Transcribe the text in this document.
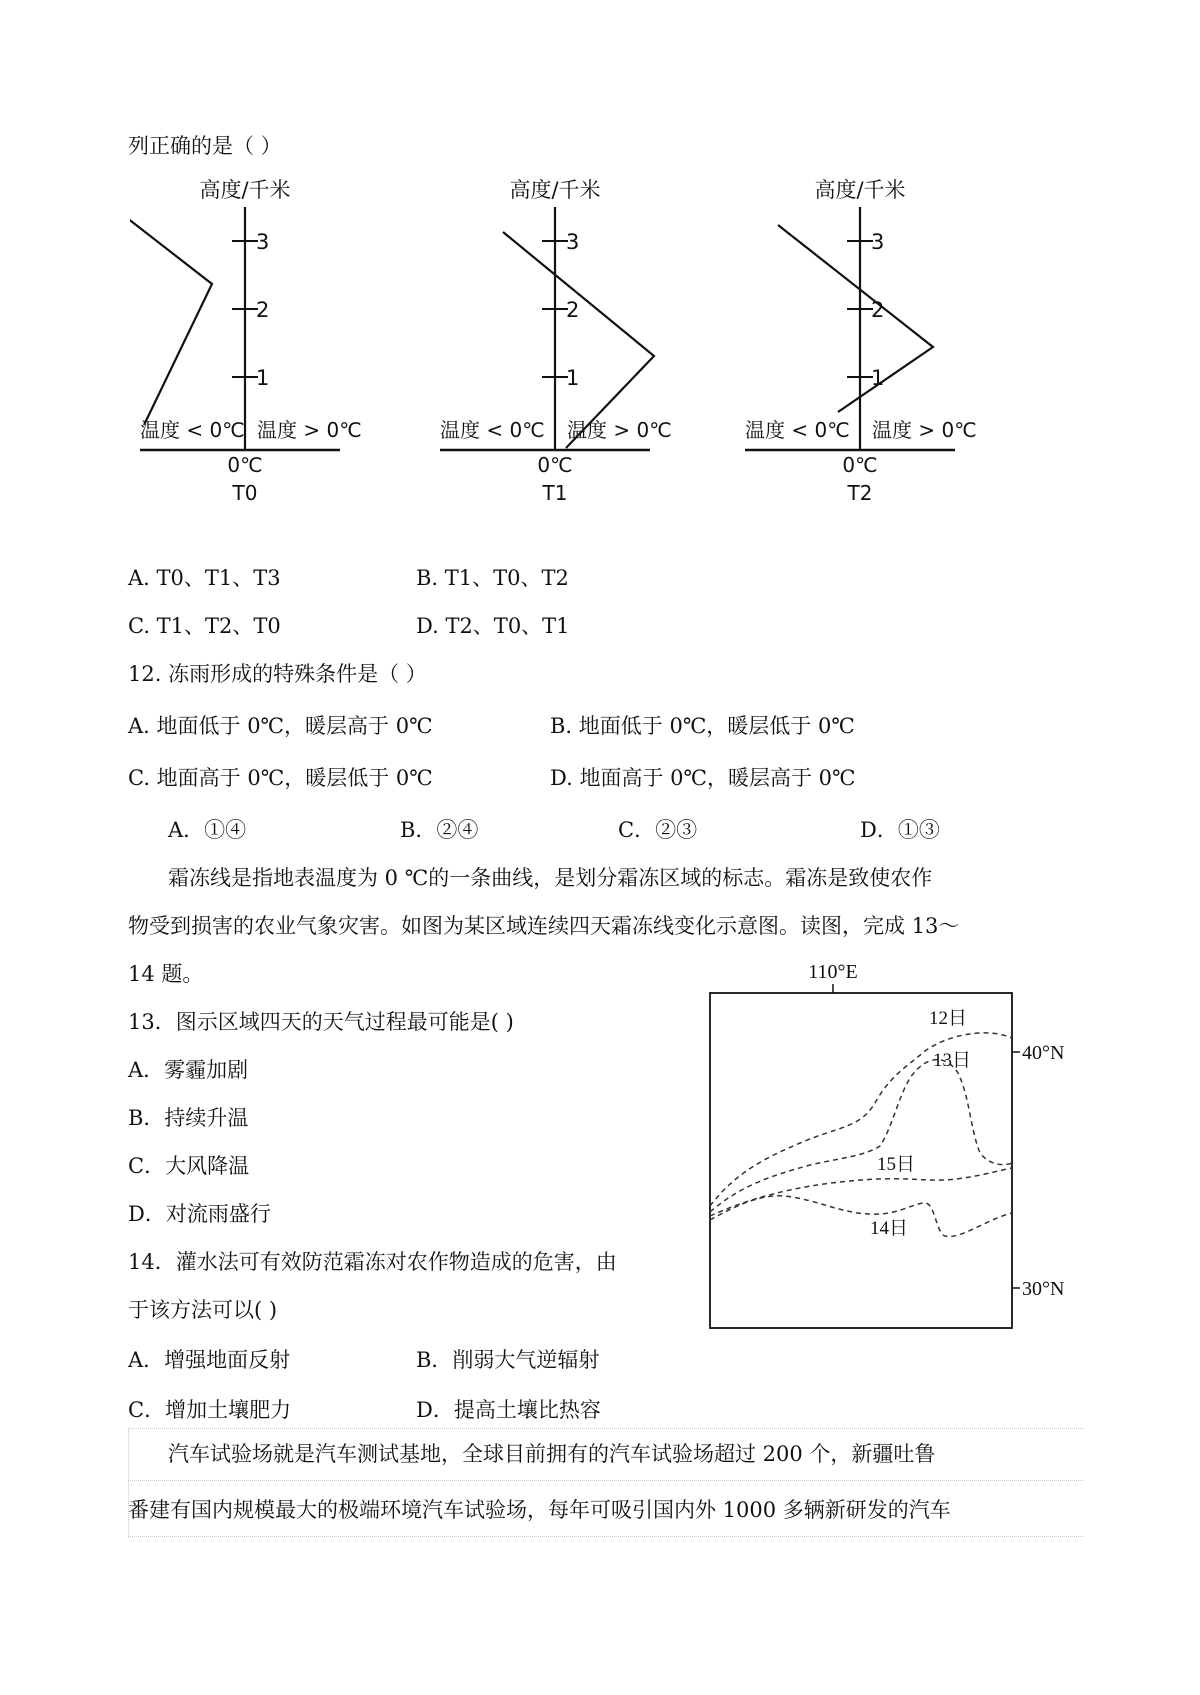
列正确的是（ ）
高度/千米
3
2
1
温度 < 0℃ 温度 > 0℃
0℃
T0
高度/千米
3
2
1
温度 < 0℃ 温度 > 0℃
0℃
T1
高度/千米
3
2
1
温度 < 0℃ 温度 > 0℃
0℃
T2
A. T0、T1、T3	B. T1、T0、T2
C. T1、T2、T0	D. T2、T0、T1
12. 冻雨形成的特殊条件是（ ）
A. 地面低于 0℃，暖层高于 0℃	B. 地面低于 0℃，暖层低于 0℃
C. 地面高于 0℃，暖层低于 0℃	D. 地面高于 0℃，暖层高于 0℃
A．①④	B．②④	C．②③	D．①③
霜冻线是指地表温度为 0 ℃的一条曲线，是划分霜冻区域的标志。霜冻是致使农作
物受到损害的农业气象灾害。如图为某区域连续四天霜冻线变化示意图。读图，完成 13～
14 题。
13．图示区域四天的天气过程最可能是( )
A．雾霾加剧
B．持续升温
C．大风降温
D．对流雨盛行
14．灌水法可有效防范霜冻对农作物造成的危害，由
于该方法可以( )
A．增强地面反射	B．削弱大气逆辐射
C．增加土壤肥力	D．提高土壤比热容
110°E
40°N
30°N
12日
13日
15日
14日
汽车试验场就是汽车测试基地，全球目前拥有的汽车试验场超过 200 个，新疆吐鲁
番建有国内规模最大的极端环境汽车试验场，每年可吸引国内外 1000 多辆新研发的汽车
